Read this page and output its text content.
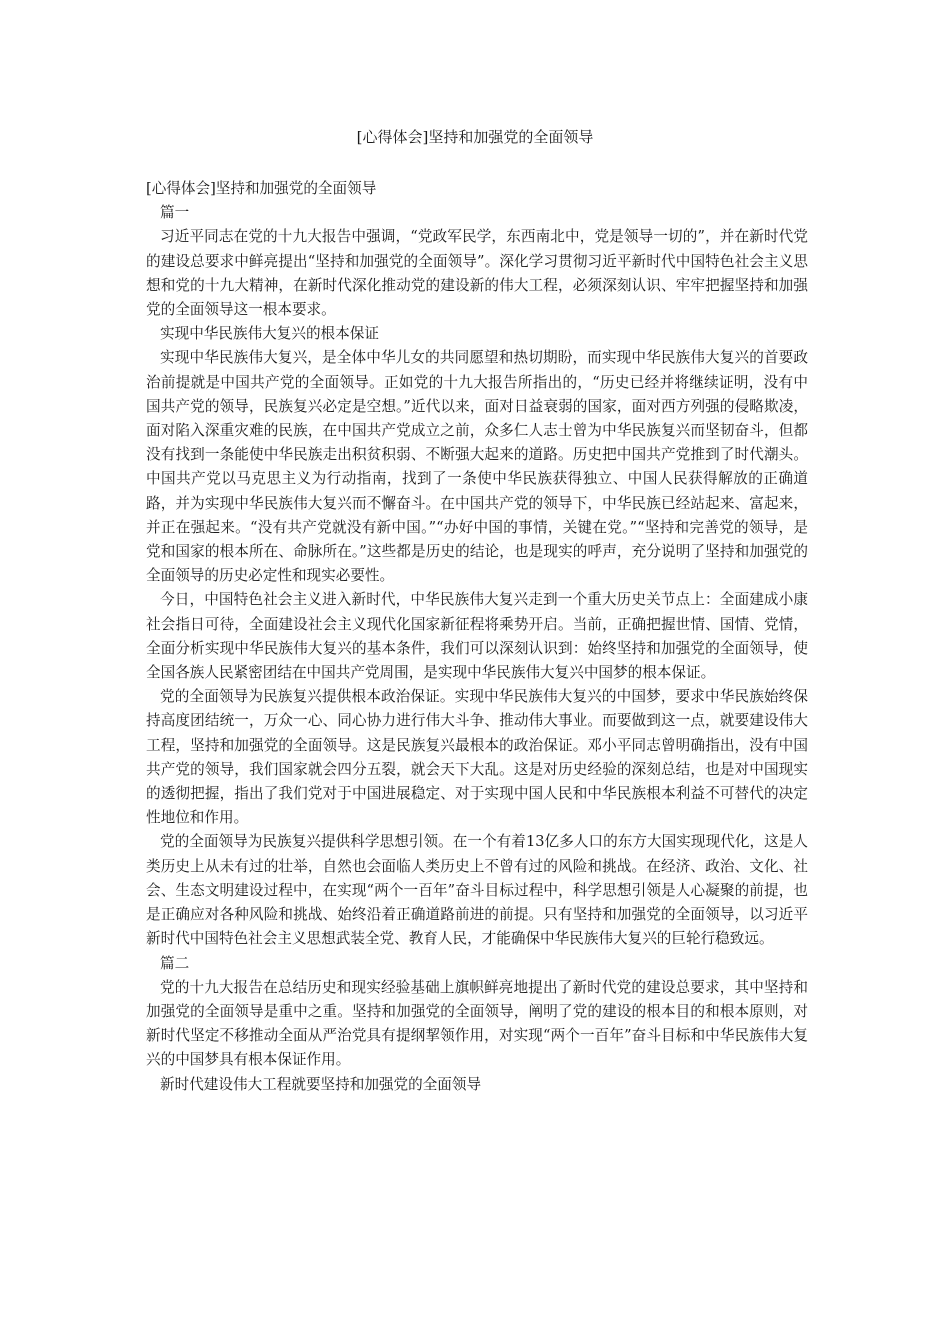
[心得体会]坚持和加强党的全面领导

[心得体会]坚持和加强党的全面领导

篇一

习近平同志在党的十九大报告中强调，“党政军民学，东西南北中，党是领导一切的”，并在新时代党的建设总要求中鲜亮提出“坚持和加强党的全面领导”。深化学习贯彻习近平新时代中国特色社会主义思想和党的十九大精神，在新时代深化推动党的建设新的伟大工程，必须深刻认识、牢牢把握坚持和加强党的全面领导这一根本要求。

实现中华民族伟大复兴的根本保证

实现中华民族伟大复兴，是全体中华儿女的共同愿望和热切期盼，而实现中华民族伟大复兴的首要政治前提就是中国共产党的全面领导。正如党的十九大报告所指出的，“历史已经并将继续证明，没有中国共产党的领导，民族复兴必定是空想。”近代以来，面对日益衰弱的国家，面对西方列强的侵略欺凌，面对陷入深重灾难的民族，在中国共产党成立之前，众多仁人志士曾为中华民族复兴而坚韧奋斗，但都没有找到一条能使中华民族走出积贫积弱、不断强大起来的道路。历史把中国共产党推到了时代潮头。中国共产党以马克思主义为行动指南，找到了一条使中华民族获得独立、中国人民获得解放的正确道路，并为实现中华民族伟大复兴而不懈奋斗。在中国共产党的领导下，中华民族已经站起来、富起来，并正在强起来。“没有共产党就没有新中国。”“办好中国的事情，关键在党。”“坚持和完善党的领导，是党和国家的根本所在、命脉所在。”这些都是历史的结论，也是现实的呼声，充分说明了坚持和加强党的全面领导的历史必定性和现实必要性。

今日，中国特色社会主义进入新时代，中华民族伟大复兴走到一个重大历史关节点上：全面建成小康社会指日可待，全面建设社会主义现代化国家新征程将乘势开启。当前，正确把握世情、国情、党情，全面分析实现中华民族伟大复兴的基本条件，我们可以深刻认识到：始终坚持和加强党的全面领导，使全国各族人民紧密团结在中国共产党周围，是实现中华民族伟大复兴中国梦的根本保证。

党的全面领导为民族复兴提供根本政治保证。实现中华民族伟大复兴的中国梦，要求中华民族始终保持高度团结统一，万众一心、同心协力进行伟大斗争、推动伟大事业。而要做到这一点，就要建设伟大工程，坚持和加强党的全面领导。这是民族复兴最根本的政治保证。邓小平同志曾明确指出，没有中国共产党的领导，我们国家就会四分五裂，就会天下大乱。这是对历史经验的深刻总结，也是对中国现实的透彻把握，指出了我们党对于中国进展稳定、对于实现中国人民和中华民族根本利益不可替代的决定性地位和作用。

党的全面领导为民族复兴提供科学思想引领。在一个有着13亿多人口的东方大国实现现代化，这是人类历史上从未有过的壮举，自然也会面临人类历史上不曾有过的风险和挑战。在经济、政治、文化、社会、生态文明建设过程中，在实现“两个一百年”奋斗目标过程中，科学思想引领是人心凝聚的前提，也是正确应对各种风险和挑战、始终沿着正确道路前进的前提。只有坚持和加强党的全面领导，以习近平新时代中国特色社会主义思想武装全党、教育人民，才能确保中华民族伟大复兴的巨轮行稳致远。

篇二

党的十九大报告在总结历史和现实经验基础上旗帜鲜亮地提出了新时代党的建设总要求，其中坚持和加强党的全面领导是重中之重。坚持和加强党的全面领导，阐明了党的建设的根本目的和根本原则，对新时代坚定不移推动全面从严治党具有提纲挈领作用，对实现“两个一百年”奋斗目标和中华民族伟大复兴的中国梦具有根本保证作用。

新时代建设伟大工程就要坚持和加强党的全面领导
